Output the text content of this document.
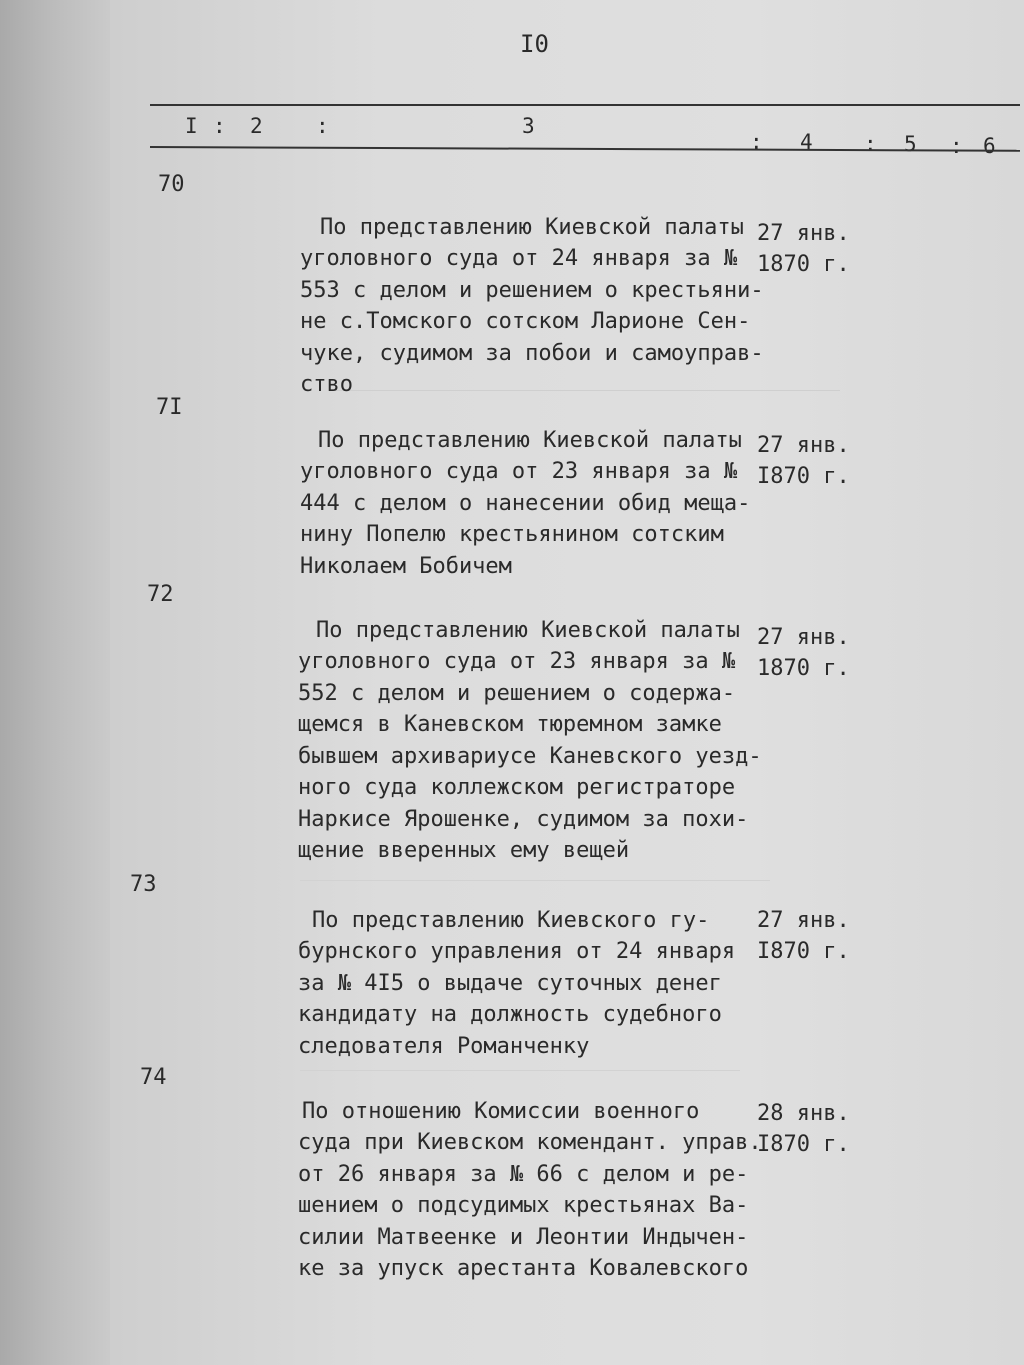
I0
I : 2	:	3
: 4 : 5 : 6
70

По представлению Киевской палаты
уголовного суда от 24 января за №
553 с делом и решением о крестьяни-
не с.Томского сотском Ларионе Сен-
чуке, судимом за побои и самоуправ-
ство

27 янв.
1870 г.

7I

По представлению Киевской палаты
уголовного суда от 23 января за №
444 с делом о нанесении обид меща-
нину Попелю крестьянином сотским
Николаем Бобичем

27 янв.
I870 г.

72

По представлению Киевской палаты
уголовного суда от 23 января за №
552 с делом и решением о содержа-
щемся в Каневском тюремном замке
бывшем архивариусе Каневского уезд-
ного суда коллежском регистраторе
Наркисе Ярошенке, судимом за похи-
щение вверенных ему вещей

27 янв.
1870 г.

73

По представлению Киевского гу-
бурнского управления от 24 января
за № 4I5 о выдаче суточных денег
кандидату на должность судебного
следователя Романченку

27 янв.
I870 г.

74

По отношению Комиссии военного
суда при Киевском комендант. управ.
от 26 января за № 66 с делом и ре-
шением о подсудимых крестьянах Ва-
силии Матвеенке и Леонтии Индычен-
ке за упуск арестанта Ковалевского

28 янв.
I870 г.
